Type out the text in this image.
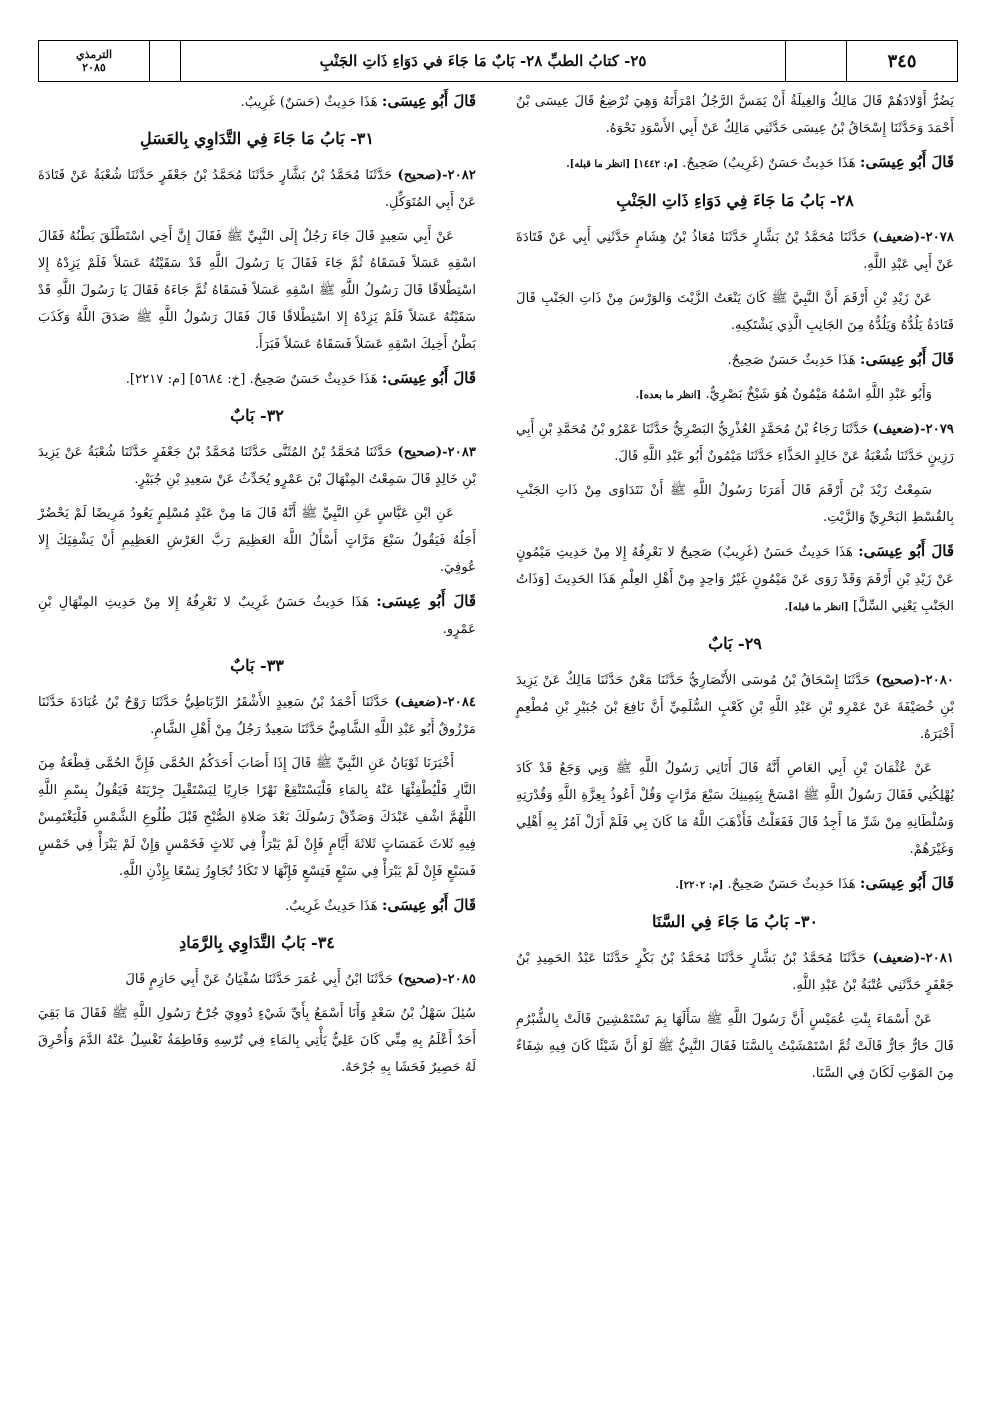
الترمذي
٢٠٨٥	٢٥- كتابُ الطبِّ ٢٨- بَابٌ مَا جَاءَ في دَوَاءِ ذَاتِ الجَنْبِ	٣٤٥

يَضُرُّ أَوْلادَهُمْ قَالَ مَالِكٌ وَالغِيلَةُ أَنْ يَمَسَّ الرَّجُلُ امْرَأَتَهُ وَهِيَ تُرْضِعُ قَالَ عِيسَى بْنُ أَحْمَدَ وَحَدَّثَنَا إِسْحَاقُ بْنُ عِيسَى حَدَّثَنِي مَالِكٌ عَنْ أَبِي الأَسْوَدِ نَحْوَهُ.

قَالَ أَبُو عِيسَى: هَذَا حَدِيثٌ حَسَنٌ (غَرِيبٌ) صَحِيحٌ. [م: ١٤٤٢] [انظر ما قبله].

٢٨- بَابُ مَا جَاءَ فِي دَوَاءِ ذَاتِ الجَنْبِ

٢٠٧٨-(ضعيف) حَدَّثَنَا مُحَمَّدُ بْنُ بَشَّارٍ حَدَّثَنَا مُعَاذُ بْنُ هِشَامٍ حَدَّثَنِي أَبِي عَنْ قَتَادَةَ عَنْ أَبِي عَبْدِ اللَّهِ.

عَنْ زَيْدِ بْنِ أَرْقَمَ أَنَّ النَّبِيَّ ﷺ كَانَ يَنْعَتُ الزَّيْتَ وَالوَرْسَ مِنْ ذَاتِ الجَنْبِ قَالَ قَتَادَةُ يَلُدُّهُ وَيَلُدُّهُ مِنَ الجَانِبِ الَّذِي يَشْتَكِيهِ.

قَالَ أَبُو عِيسَى: هَذَا حَدِيثٌ حَسَنٌ صَحِيحٌ.

وَأَبُو عَبْدِ اللَّهِ اسْمُهُ مَيْمُونٌ هُوَ شَيْخٌ بَصْرِيٌّ. [انظر ما بعده].

٢٠٧٩-(ضعيف) حَدَّثَنَا رَجَاءُ بْنُ مُحَمَّدٍ العُذْرِيُّ البَصْرِيُّ حَدَّثَنَا عَمْرُو بْنُ مُحَمَّدِ بْنِ أَبِي رَزِينٍ حَدَّثَنَا شُعْبَةُ عَنْ خَالِدٍ الحَذَّاءِ حَدَّثَنَا مَيْمُونٌ أَبُو عَبْدِ اللَّهِ قَالَ.

سَمِعْتُ زَيْدَ بْنَ أَرْقَمَ قَالَ أَمَرَنَا رَسُولُ اللَّهِ ﷺ أَنْ نَتَدَاوَى مِنْ ذَاتِ الجَنْبِ بِالقُسْطِ البَحْرِيِّ وَالزَّيْتِ.

قَالَ أَبُو عِيسَى: هَذَا حَدِيثٌ حَسَنٌ (غَرِيبٌ) صَحِيحٌ لا نَعْرِفُهُ إِلا مِنْ حَدِيثِ مَيْمُونٍ عَنْ زَيْدِ بْنِ أَرْقَمَ وَقَدْ رَوَى عَنْ مَيْمُونٍ غَيْرُ وَاحِدٍ مِنْ أَهْلِ العِلْمِ هَذَا الحَدِيثَ [وَذَاتُ الجَنْبِ يَعْنِي السِّلَّ] [انظر ما قبله].

٢٩- بَابٌ

٢٠٨٠-(صحيح) حَدَّثَنَا إِسْحَاقُ بْنُ مُوسَى الأَنْصَارِيُّ حَدَّثَنَا مَعْنٌ حَدَّثَنَا مَالِكٌ عَنْ يَزِيدَ بْنِ خُصَيْفَةَ عَنْ عَمْرِو بْنِ عَبْدِ اللَّهِ بْنِ كَعْبٍ السُّلَمِيِّ أَنَّ نَافِعَ بْنَ جُبَيْرِ بْنِ مُطْعِمٍ أَخْبَرَهُ.

عَنْ عُثْمَانَ بْنِ أَبِي العَاصِ أَنَّهُ قَالَ أَتَانِي رَسُولُ اللَّهِ ﷺ وَبِي وَجَعٌ قَدْ كَادَ يُهْلِكُنِي فَقَالَ رَسُولُ اللَّهِ ﷺ امْسَحْ بِيَمِينِكَ سَبْعَ مَرَّاتٍ وَقُلْ أَعُوذُ بِعِزَّةِ اللَّهِ وَقُدْرَتِهِ وَسُلْطَانِهِ مِنْ شَرِّ مَا أَجِدُ قَالَ فَفَعَلْتُ فَأَذْهَبَ اللَّهُ مَا كَانَ بِي فَلَمْ أَزَلْ آمُرُ بِهِ أَهْلِي وَغَيْرَهُمْ.

قَالَ أَبُو عِيسَى: هَذَا حَدِيثٌ حَسَنٌ صَحِيحٌ. [م: ٢٢٠٢].

٣٠- بَابُ مَا جَاءَ فِي السَّنَا

٢٠٨١-(ضعيف) حَدَّثَنَا مُحَمَّدُ بْنُ بَشَّارٍ حَدَّثَنَا مُحَمَّدُ بْنُ بَكْرٍ حَدَّثَنَا عَبْدُ الحَمِيدِ بْنُ جَعْفَرٍ حَدَّثَنِي عُتْبَةُ بْنُ عَبْدِ اللَّهِ.

عَنْ أَسْمَاءَ بِنْتِ عُمَيْسٍ أَنَّ رَسُولَ اللَّهِ ﷺ سَأَلَهَا بِمَ تَسْتَمْشِينَ قَالَتْ بِالشُّبْرُمِ قَالَ حَارٌّ جَارٌّ قَالَتْ ثُمَّ اسْتَمْشَيْتُ بِالسَّنَا فَقَالَ النَّبِيُّ ﷺ لَوْ أَنَّ شَيْئًا كَانَ فِيهِ شِفَاءٌ مِنَ المَوْتِ لَكَانَ فِي السَّنَا.

قَالَ أَبُو عِيسَى: هَذَا حَدِيثٌ (حَسَنٌ) غَرِيبٌ.

٣١- بَابُ مَا جَاءَ فِي التَّدَاوِي بِالعَسَلِ

٢٠٨٢-(صحيح) حَدَّثَنَا مُحَمَّدُ بْنُ بَشَّارٍ حَدَّثَنَا مُحَمَّدُ بْنُ جَعْفَرٍ حَدَّثَنَا شُعْبَةُ عَنْ قَتَادَةَ عَنْ أَبِي المُتَوَكِّلِ.

عَنْ أَبِي سَعِيدٍ قَالَ جَاءَ رَجُلٌ إِلَى النَّبِيِّ ﷺ فَقَالَ إِنَّ أَخِي اسْتَطْلَقَ بَطْنُهُ فَقَالَ اسْقِهِ عَسَلاً فَسَقَاهُ ثُمَّ جَاءَ فَقَالَ يَا رَسُولَ اللَّهِ قَدْ سَقَيْتُهُ عَسَلاً فَلَمْ يَزِدْهُ إِلا اسْتِطْلاقًا قَالَ رَسُولُ اللَّهِ ﷺ اسْقِهِ عَسَلاً فَسَقَاهُ ثُمَّ جَاءَهُ فَقَالَ يَا رَسُولَ اللَّهِ قَدْ سَقَيْتُهُ عَسَلاً فَلَمْ يَزِدْهُ إِلا اسْتِطْلاقًا قَالَ فَقَالَ رَسُولُ اللَّهِ ﷺ صَدَقَ اللَّهُ وَكَذَبَ بَطْنُ أَخِيكَ اسْقِهِ عَسَلاً فَسَقَاهُ عَسَلاً فَبَرَأَ.

قَالَ أَبُو عِيسَى: هَذَا حَدِيثٌ حَسَنٌ صَحِيحٌ. [خ: ٥٦٨٤] [م: ٢٢١٧].

٣٢- بَابٌ

٢٠٨٣-(صحيح) حَدَّثَنَا مُحَمَّدُ بْنُ المُثَنَّى حَدَّثَنَا مُحَمَّدُ بْنُ جَعْفَرٍ حَدَّثَنَا شُعْبَةُ عَنْ يَزِيدَ بْنِ خَالِدٍ قَالَ سَمِعْتُ المِنْهَالَ بْنَ عَمْرٍو يُحَدِّثُ عَنْ سَعِيدِ بْنِ جُبَيْرٍ.

عَنِ ابْنِ عَبَّاسٍ عَنِ النَّبِيِّ ﷺ أَنَّهُ قَالَ مَا مِنْ عَبْدٍ مُسْلِمٍ يَعُودُ مَرِيضًا لَمْ يَحْضُرْ أَجَلُهُ فَيَقُولُ سَبْعَ مَرَّاتٍ أَسْأَلُ اللَّهَ العَظِيمَ رَبَّ العَرْشِ العَظِيمِ أَنْ يَشْفِيَكَ إِلا عُوفِيَ.

قَالَ أَبُو عِيسَى: هَذَا حَدِيثٌ حَسَنٌ غَرِيبٌ لا نَعْرِفُهُ إِلا مِنْ حَدِيثِ المِنْهَالِ بْنِ عَمْرٍو.

٣٣- بَابٌ

٢٠٨٤-(ضعيف) حَدَّثَنَا أَحْمَدُ بْنُ سَعِيدٍ الأَشْقَرُ الرِّبَاطِيُّ حَدَّثَنَا رَوْحُ بْنُ عُبَادَةَ حَدَّثَنَا مَرْزُوقٌ أَبُو عَبْدِ اللَّهِ الشَّامِيُّ حَدَّثَنَا سَعِيدٌ رَجُلٌ مِنْ أَهْلِ الشَّامِ.

أَخْبَرَنَا ثَوْبَانُ عَنِ النَّبِيِّ ﷺ قَالَ إِذَا أَصَابَ أَحَدَكُمُ الحُمَّى فَإِنَّ الحُمَّى قِطْعَةٌ مِنَ النَّارِ فَلْيُطْفِئْهَا عَنْهُ بِالمَاءِ فَلْيَسْتَنْقِعْ نَهْرًا جَارِيًا لِيَسْتَقْبِلَ جِرْيَتَهُ فَيَقُولُ بِسْمِ اللَّهِ اللَّهُمَّ اشْفِ عَبْدَكَ وَصَدِّقْ رَسُولَكَ بَعْدَ صَلاةِ الصُّبْحِ قَبْلَ طُلُوعِ الشَّمْسِ فَلْيَغْتَمِسْ فِيهِ ثَلاثَ غَمَسَاتٍ ثَلاثَةَ أَيَّامٍ فَإِنْ لَمْ يَبْرَأْ فِي ثَلاثٍ فَخَمْسٍ وَإِنْ لَمْ يَبْرَأْ فِي خَمْسٍ فَسَبْعٍ فَإِنْ لَمْ يَبْرَأْ فِي سَبْعٍ فَتِسْعٍ فَإِنَّهَا لا تَكَادُ تُجَاوِزُ تِسْعًا بِإِذْنِ اللَّهِ.

قَالَ أَبُو عِيسَى: هَذَا حَدِيثٌ غَرِيبٌ.

٣٤- بَابُ التَّدَاوِي بِالرَّمَادِ

٢٠٨٥-(صحيح) حَدَّثَنَا ابْنُ أَبِي عُمَرَ حَدَّثَنَا سُفْيَانُ عَنْ أَبِي حَازِمٍ قَالَ

سُئِلَ سَهْلُ بْنُ سَعْدٍ وَأَنَا أَسْمَعُ بِأَيِّ شَيْءٍ دُووِيَ جُرْحُ رَسُولِ اللَّهِ ﷺ فَقَالَ مَا بَقِيَ أَحَدٌ أَعْلَمُ بِهِ مِنِّي كَانَ عَلِيٌّ يَأْتِي بِالمَاءِ فِي تُرْسِهِ وَفَاطِمَةُ تَغْسِلُ عَنْهُ الدَّمَ وَأُحْرِقَ لَهُ حَصِيرٌ فَحَشَا بِهِ جُرْحَهُ.
